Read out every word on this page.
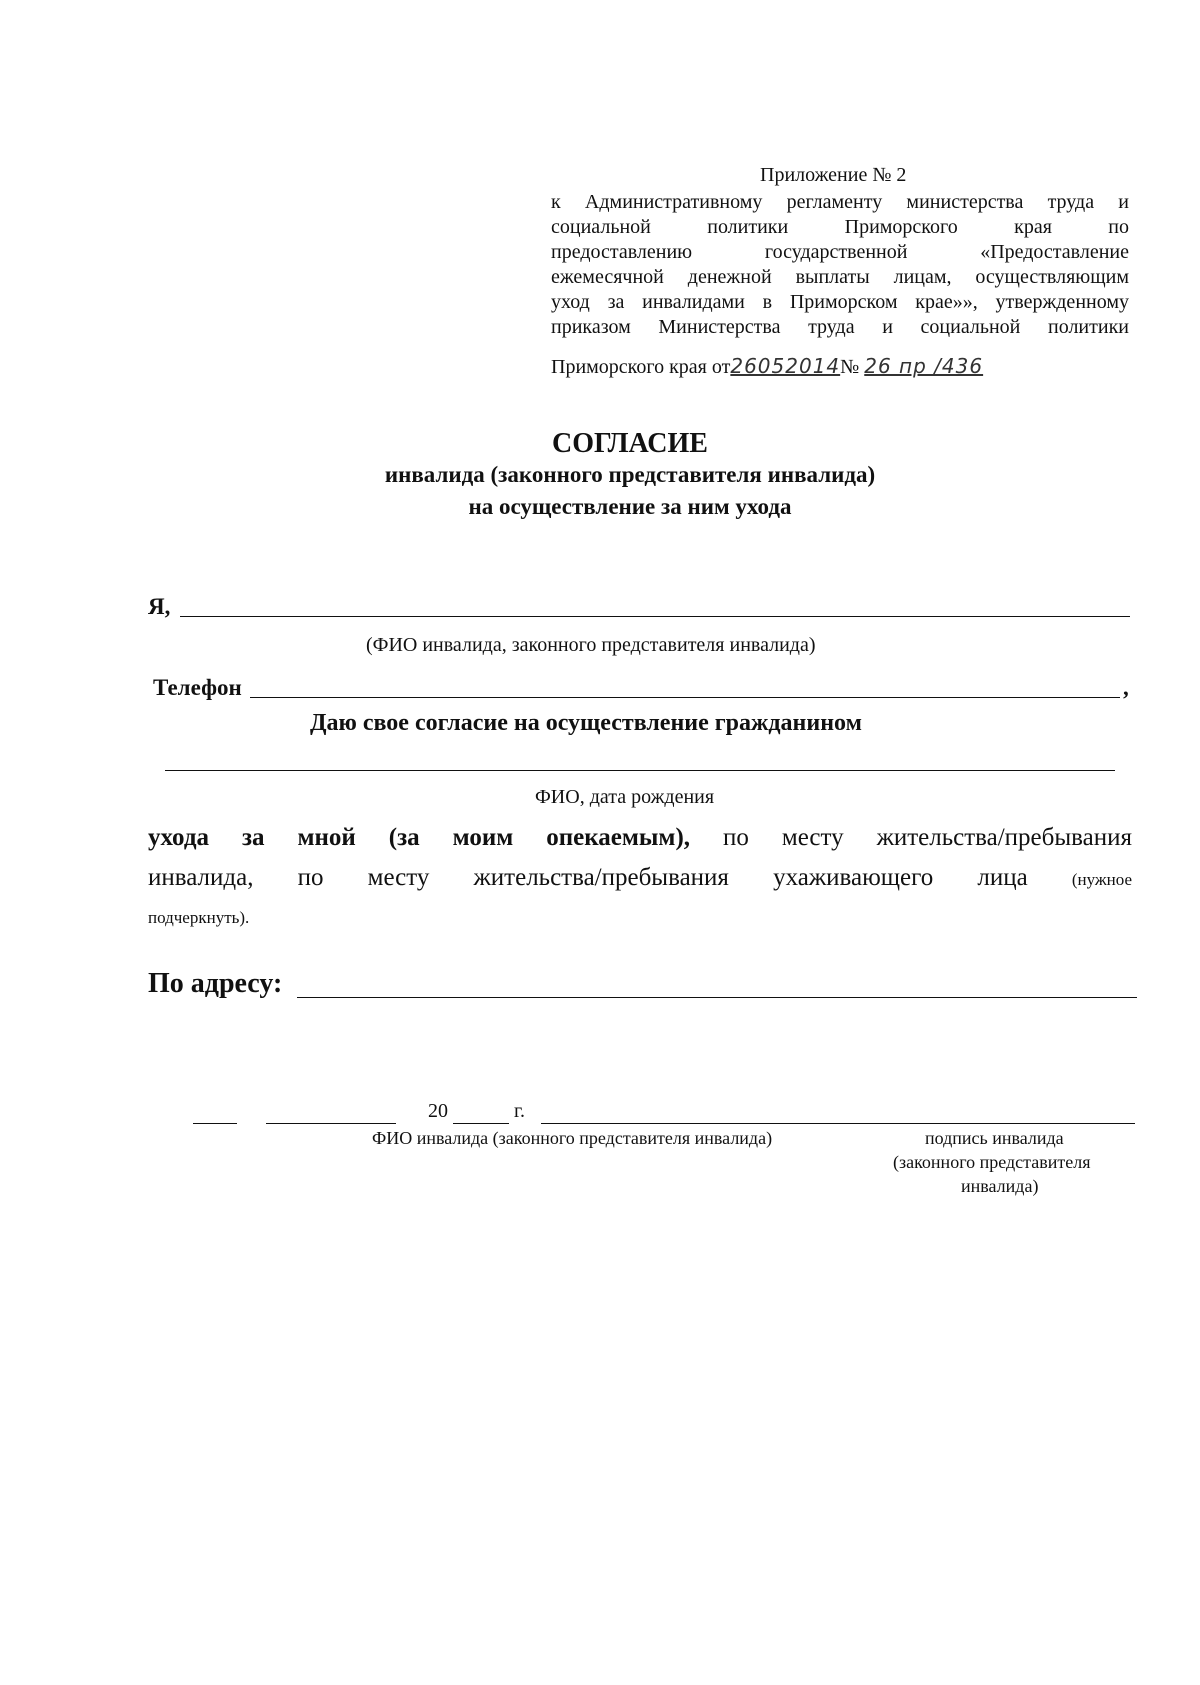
Приложение № 2
к Административному регламенту министерства труда и
социальной политики Приморского края по
предоставлению государственной «Предоставление
ежемесячной денежной выплаты лицам, осуществляющим
уход за инвалидами в Приморском крае»», утвержденному
приказом Министерства труда и социальной политики
Приморского края от26052014№ 26 пр /436
СОГЛАСИЕ
инвалида (законного представителя инвалида)
на осуществление за ним ухода
Я,
(ФИО инвалида, законного представителя инвалида)
Телефон	,
Даю свое согласие на осуществление гражданином
ФИО, дата рождения
ухода за мной (за моим опекаемым), по месту жительства/пребывания
инвалида, по месту жительства/пребывания ухаживающего лица	(нужное
подчеркнуть).
По адресу:
20	г.
ФИО инвалида (законного представителя инвалида)	подпись инвалида
(законного представителя
инвалида)
